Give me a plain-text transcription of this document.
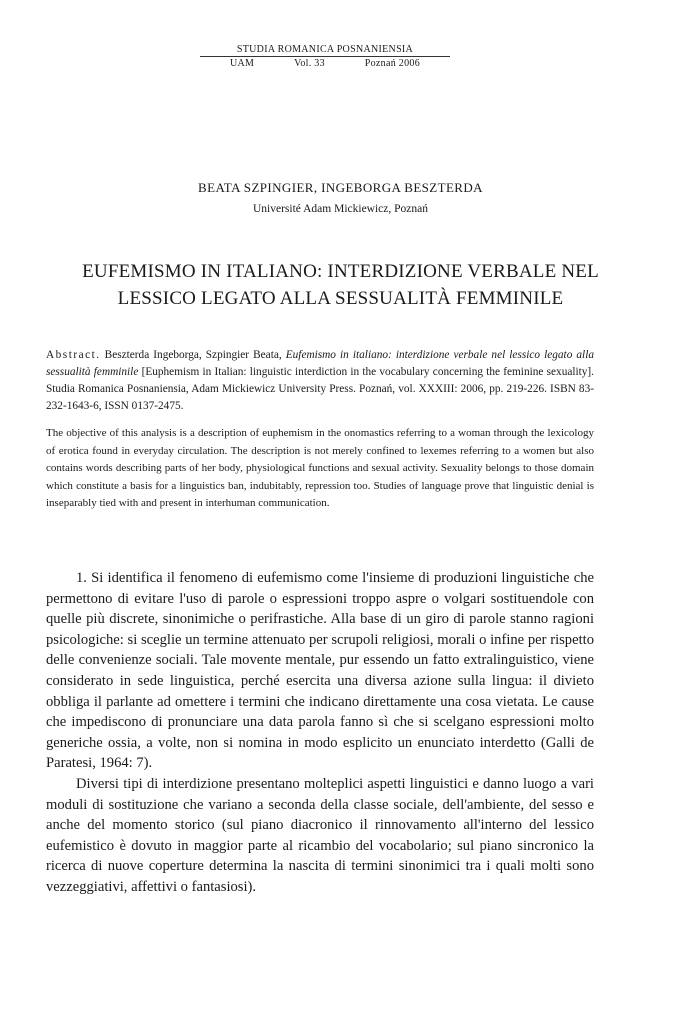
STUDIA ROMANICA POSNANIENSIA
UAM	Vol. 33	Poznań 2006
BEATA SZPINGIER, INGEBORGA BESZTERDA
Université Adam Mickiewicz, Poznań
EUFEMISMO IN ITALIANO: INTERDIZIONE VERBALE NEL
LESSICO LEGATO ALLA SESSUALITÀ FEMMINILE
Abstract. Beszterda Ingeborga, Szpingier Beata, Eufemismo in italiano: interdizione verbale nel lessico legato alla sessualità femminile [Euphemism in Italian: linguistic interdiction in the vocabulary concerning the feminine sexuality]. Studia Romanica Posnaniensia, Adam Mickiewicz University Press. Poznań, vol. XXXIII: 2006, pp. 219-226. ISBN 83-232-1643-6, ISSN 0137-2475.
The objective of this analysis is a description of euphemism in the onomastics referring to a woman through the lexicology of erotica found in everyday circulation. The description is not merely confined to lexemes referring to a women but also contains words describing parts of her body, physiological functions and sexual activity. Sexuality belongs to those domain which constitute a basis for a linguistics ban, indubitably, repression too. Studies of language prove that linguistic denial is inseparably tied with and present in interhuman communication.

1. Si identifica il fenomeno di eufemismo come l'insieme di produzioni linguistiche che permettono di evitare l'uso di parole o espressioni troppo aspre o volgari sostituendole con quelle più discrete, sinonimiche o perifrastiche. Alla base di un giro di parole stanno ragioni psicologiche: si sceglie un termine attenuato per scrupoli religiosi, morali o infine per rispetto delle convenienze sociali. Tale movente mentale, pur essendo un fatto extralinguistico, viene considerato in sede linguistica, perché esercita una diversa azione sulla lingua: il divieto obbliga il parlante ad omettere i termini che indicano direttamente una cosa vietata. Le cause che impediscono di pronunciare una data parola fanno sì che si scelgano espressioni molto generiche ossia, a volte, non si nomina in modo esplicito un enunciato interdetto (Galli de Paratesi, 1964: 7).

Diversi tipi di interdizione presentano molteplici aspetti linguistici e danno luogo a vari moduli di sostituzione che variano a seconda della classe sociale, dell'ambiente, del sesso e anche del momento storico (sul piano diacronico il rinnovamento all'interno del lessico eufemistico è dovuto in maggior parte al ricambio del vocabolario; sul piano sincronico la ricerca di nuove coperture determina la nascita di termini sinonimici tra i quali molti sono vezzeggiativi, affettivi o fantasiosi).
